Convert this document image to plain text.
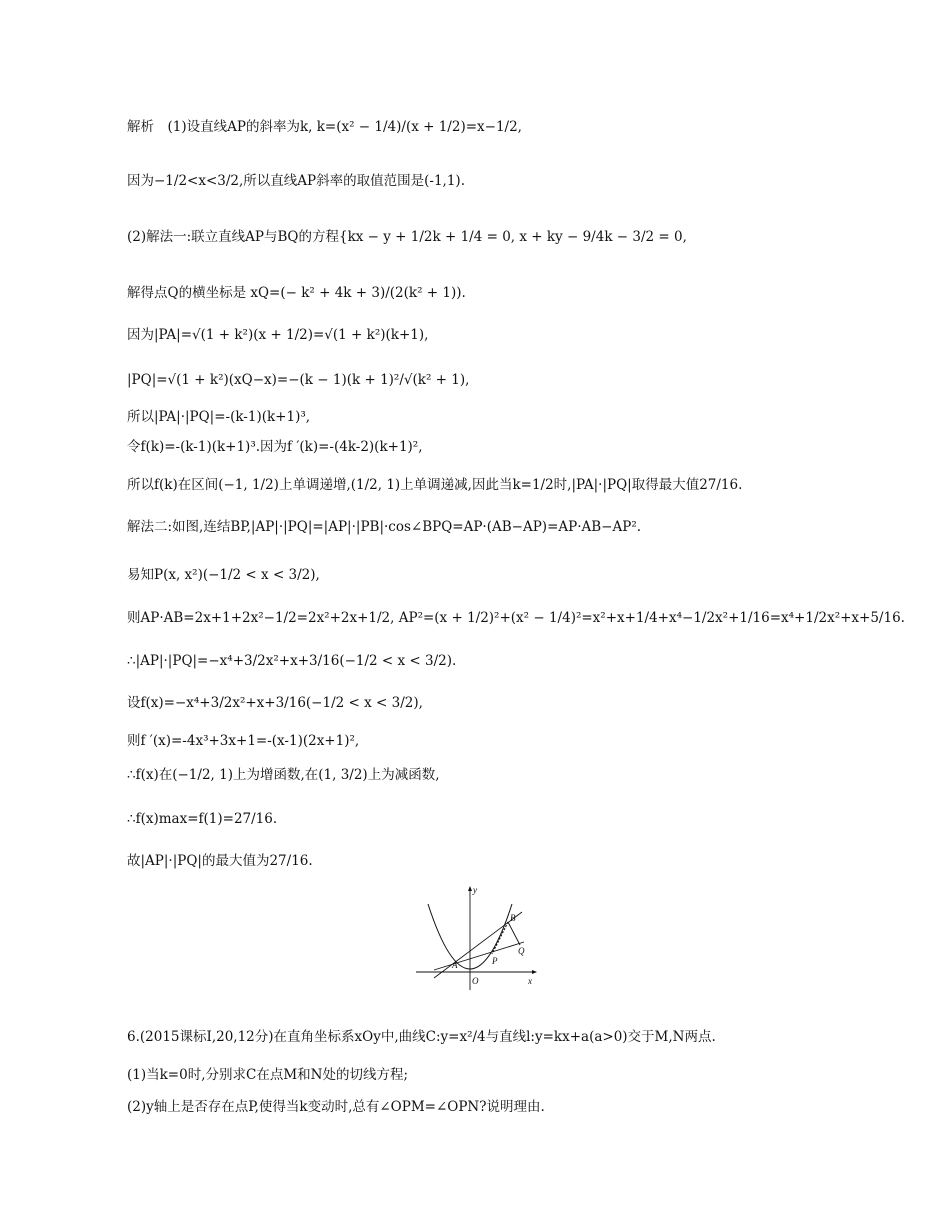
解析　(1)设直线AP的斜率为k, k=(x² − 1/4)/(x + 1/2)=x−1/2,
因为−1/2<x<3/2,所以直线AP斜率的取值范围是(-1,1).
(2)解法一:联立直线AP与BQ的方程{kx − y + 1/2k + 1/4 = 0, x + ky − 9/4k − 3/2 = 0,
解得点Q的横坐标是 xQ=(− k² + 4k + 3)/(2(k² + 1)).
因为|PA|=√(1 + k²)(x + 1/2)=√(1 + k²)(k+1),
|PQ|=√(1 + k²)(xQ−x)=−(k − 1)(k + 1)²/√(k² + 1),
所以|PA|·|PQ|=-(k-1)(k+1)³,
令f(k)=-(k-1)(k+1)³.因为f ′(k)=-(4k-2)(k+1)²,
所以f(k)在区间(−1, 1/2)上单调递增,(1/2, 1)上单调递减,因此当k=1/2时,|PA|·|PQ|取得最大值27/16.
解法二:如图,连结BP,|AP|·|PQ|=|AP|·|PB|·cos∠BPQ=AP·(AB−AP)=AP·AB−AP².
易知P(x, x²)(−1/2 < x < 3/2),
则AP·AB=2x+1+2x²−1/2=2x²+2x+1/2, AP²=(x + 1/2)²+(x² − 1/4)²=x²+x+1/4+x⁴−1/2x²+1/16=x⁴+1/2x²+x+5/16.
∴|AP|·|PQ|=−x⁴+3/2x²+x+3/16(−1/2 < x < 3/2).
设f(x)=−x⁴+3/2x²+x+3/16(−1/2 < x < 3/2),
则f ′(x)=-4x³+3x+1=-(x-1)(2x+1)²,
∴f(x)在(−1/2, 1)上为增函数,在(1, 3/2)上为减函数,
∴f(x)max=f(1)=27/16.
故|AP|·|PQ|的最大值为27/16.
B
Q
P
A
O	x
y
6.(2015课标Ⅰ,20,12分)在直角坐标系xOy中,曲线C:y=x²/4与直线l:y=kx+a(a>0)交于M,N两点.
(1)当k=0时,分别求C在点M和N处的切线方程;
(2)y轴上是否存在点P,使得当k变动时,总有∠OPM=∠OPN?说明理由.
